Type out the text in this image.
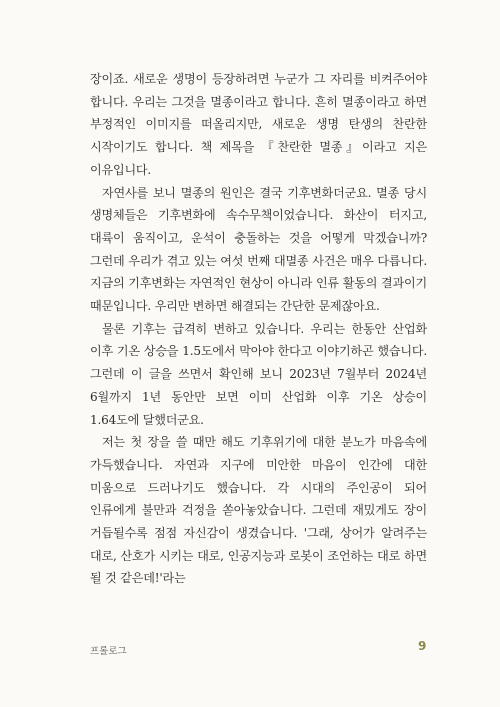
장이죠. 새로운 생명이 등장하려면 누군가 그 자리를 비켜주어야 합니다. 우리는 그것을 멸종이라고 합니다. 흔히 멸종이라고 하면 부정적인 이미지를 떠올리지만, 새로운 생명 탄생의 찬란한 시작이기도 합니다. 책 제목을 『찬란한 멸종』이라고 지은 이유입니다.

자연사를 보니 멸종의 원인은 결국 기후변화더군요. 멸종 당시 생명체들은 기후변화에 속수무책이었습니다. 화산이 터지고, 대륙이 움직이고, 운석이 충돌하는 것을 어떻게 막겠습니까? 그런데 우리가 겪고 있는 여섯 번째 대멸종 사건은 매우 다릅니다. 지금의 기후변화는 자연적인 현상이 아니라 인류 활동의 결과이기 때문입니다. 우리만 변하면 해결되는 간단한 문제잖아요.

물론 기후는 급격히 변하고 있습니다. 우리는 한동안 산업화 이후 기온 상승을 1.5도에서 막아야 한다고 이야기하곤 했습니다. 그런데 이 글을 쓰면서 확인해 보니 2023년 7월부터 2024년 6월까지 1년 동안만 보면 이미 산업화 이후 기온 상승이 1.64도에 달했더군요.

저는 첫 장을 쓸 때만 해도 기후위기에 대한 분노가 마음속에 가득했습니다. 자연과 지구에 미안한 마음이 인간에 대한 미움으로 드러나기도 했습니다. 각 시대의 주인공이 되어 인류에게 불만과 걱정을 쏟아놓았습니다. 그런데 재밌게도 장이 거듭될수록 점점 자신감이 생겼습니다. '그래, 상어가 알려주는 대로, 산호가 시키는 대로, 인공지능과 로봇이 조언하는 대로 하면 될 것 같은데!'라는

프롤로그	9
